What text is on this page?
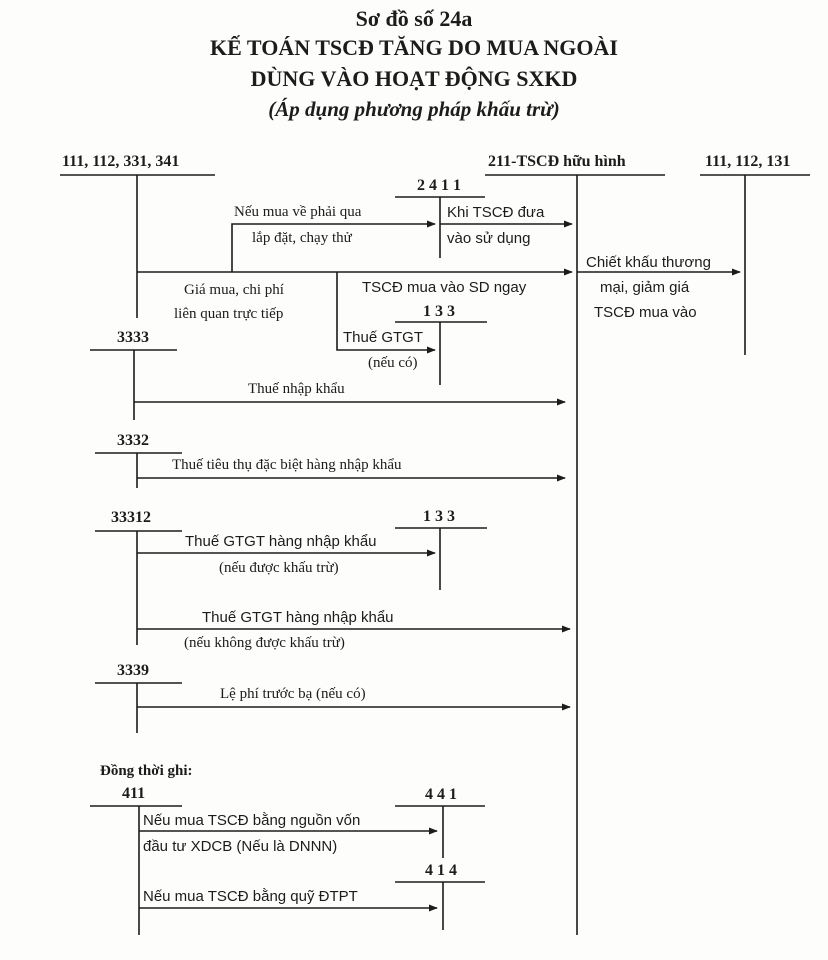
Sơ đồ số 24a
KẾ TOÁN TSCĐ TĂNG DO MUA NGOÀI
DÙNG VÀO HOẠT ĐỘNG SXKD
(Áp dụng phương pháp khấu trừ)
111, 112, 331, 341	211-TSCĐ hữu hình	111, 112, 131
2 4 1 1
1 3 3
3333
3332
33312	1 3 3
3339
411	4 4 1
4 1 4
Nếu mua về phải qua
lắp đặt, chạy thử
Khi TSCĐ đưa
vào sử dụng
Giá mua, chi phí
liên quan trực tiếp
TSCĐ mua vào SD ngay
Thuế GTGT
(nếu có)
Chiết khấu thương
mại, giảm giá
TSCĐ mua vào
Thuế nhập khẩu
Thuế tiêu thụ đặc biệt hàng nhập khẩu
Thuế GTGT hàng nhập khẩu
(nếu được khấu trừ)
Thuế GTGT hàng nhập khẩu
(nếu không được khấu trừ)
Lệ phí trước bạ (nếu có)
Đồng thời ghi:
Nếu mua TSCĐ bằng nguồn vốn
đầu tư XDCB (Nếu là DNNN)
Nếu mua TSCĐ bằng quỹ ĐTPT
